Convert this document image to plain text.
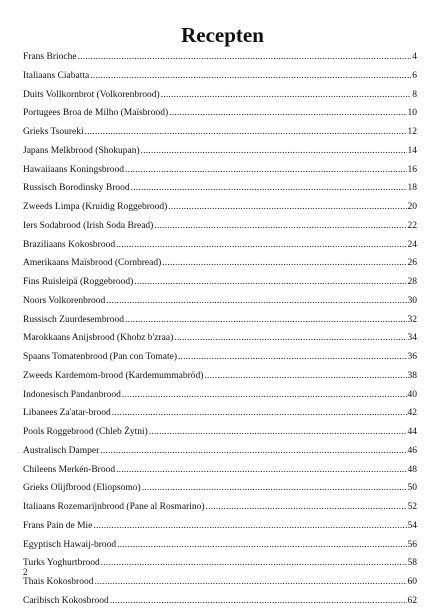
Recepten
Frans Brioche .....	4
Italiaans Ciabatta .....	6
Duits Vollkornbrot (Volkorenbrood) .....	8
Portugees Broa de Milho (Maïsbrood) .....	10
Grieks Tsoureki .....	12
Japans Melkbrood (Shokupan) .....	14
Hawaiiaans Koningsbrood .....	16
Russisch Borodinsky Brood .....	18
Zweeds Limpa (Kruidig Roggebrood) .....	20
Iers Sodabrood (Irish Soda Bread) .....	22
Braziliaans Kokosbrood .....	24
Amerikaans Maïsbrood (Cornbread) .....	26
Fins Ruisleipä (Roggebrood) .....	28
Noors Volkorenbrood .....	30
Russisch Zuurdesembrood .....	32
Marokkaans Anijsbrood (Khobz b'zraa) .....	34
Spaans Tomatenbrood (Pan con Tomate) .....	36
Zweeds Kardemom-brood (Kardemummabröd) .....	38
Indonesisch Pandanbrood .....	40
Libanees Za'atar-brood .....	42
Pools Roggebrood (Chleb Żytni) .....	44
Australisch Damper .....	46
Chileens Merkén-Brood .....	48
Grieks Olijfbrood (Eliopsomo) .....	50
Italiaans Rozemarijnbrood (Pane al Rosmarino) .....	52
Frans Pain de Mie .....	54
Egyptisch Hawaij-brood .....	56
Turks Yoghurtbrood .....	58
Thais Kokosbrood .....	60
Caribisch Kokosbrood .....	62
2
